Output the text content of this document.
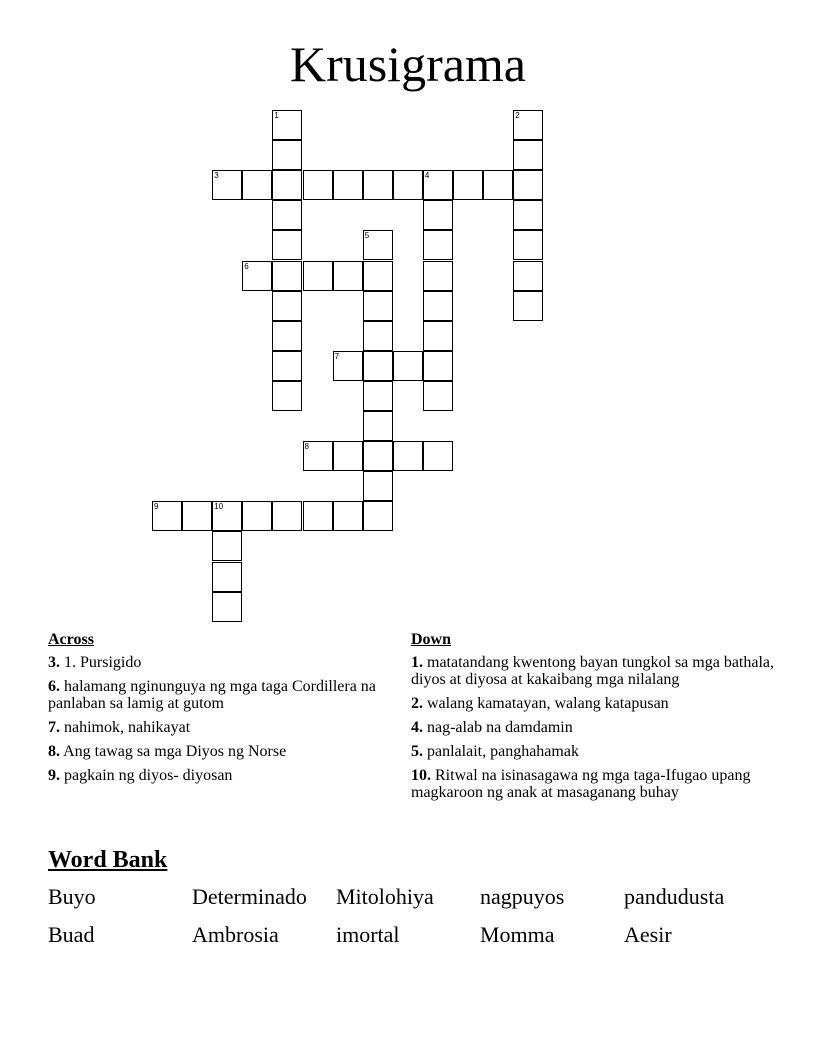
Krusigrama
1	2
3	4
5
6
7
8
9	10
Across
3. 1. Pursigido
6. halamang nginunguya ng mga taga Cordillera na panlaban sa lamig at gutom
7. nahimok, nahikayat
8. Ang tawag sa mga Diyos ng Norse
9. pagkain ng diyos- diyosan
Down
1. matatandang kwentong bayan tungkol sa mga bathala, diyos at diyosa at kakaibang mga nilalang
2. walang kamatayan, walang katapusan
4. nag-alab na damdamin
5. panlalait, panghahamak
10. Ritwal na isinasagawa ng mga taga-Ifugao upang magkaroon ng anak at masaganang buhay
Word Bank
Buyo	Determinado	Mitolohiya	nagpuyos	pandudusta
Buad	Ambrosia	imortal	Momma	Aesir
